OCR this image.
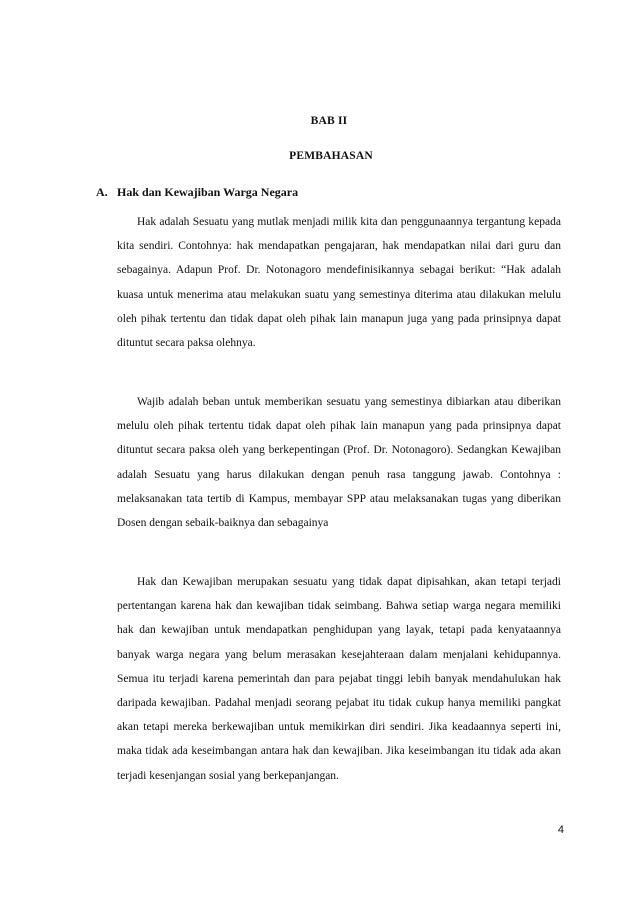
BAB II
PEMBAHASAN
A. Hak dan Kewajiban Warga Negara

Hak adalah Sesuatu yang mutlak menjadi milik kita dan penggunaannya tergantung kepada kita sendiri. Contohnya: hak mendapatkan pengajaran, hak mendapatkan nilai dari guru dan sebagainya. Adapun Prof. Dr. Notonagoro mendefinisikannya sebagai berikut: “Hak adalah kuasa untuk menerima atau melakukan suatu yang semestinya diterima atau dilakukan melulu oleh pihak tertentu dan tidak dapat oleh pihak lain manapun juga yang pada prinsipnya dapat dituntut secara paksa olehnya.

Wajib adalah beban untuk memberikan sesuatu yang semestinya dibiarkan atau diberikan melulu oleh pihak tertentu tidak dapat oleh pihak lain manapun yang pada prinsipnya dapat dituntut secara paksa oleh yang berkepentingan (Prof. Dr. Notonagoro). Sedangkan Kewajiban adalah Sesuatu yang harus dilakukan dengan penuh rasa tanggung jawab. Contohnya : melaksanakan tata tertib di Kampus, membayar SPP atau melaksanakan tugas yang diberikan Dosen dengan sebaik-baiknya dan sebagainya

Hak dan Kewajiban merupakan sesuatu yang tidak dapat dipisahkan, akan tetapi terjadi pertentangan karena hak dan kewajiban tidak seimbang. Bahwa setiap warga negara memiliki hak dan kewajiban untuk mendapatkan penghidupan yang layak, tetapi pada kenyataannya banyak warga negara yang belum merasakan kesejahteraan dalam menjalani kehidupannya. Semua itu terjadi karena pemerintah dan para pejabat tinggi lebih banyak mendahulukan hak daripada kewajiban. Padahal menjadi seorang pejabat itu tidak cukup hanya memiliki pangkat akan tetapi mereka berkewajiban untuk memikirkan diri sendiri. Jika keadaannya seperti ini, maka tidak ada keseimbangan antara hak dan kewajiban. Jika keseimbangan itu tidak ada akan terjadi kesenjangan sosial yang berkepanjangan.

4
